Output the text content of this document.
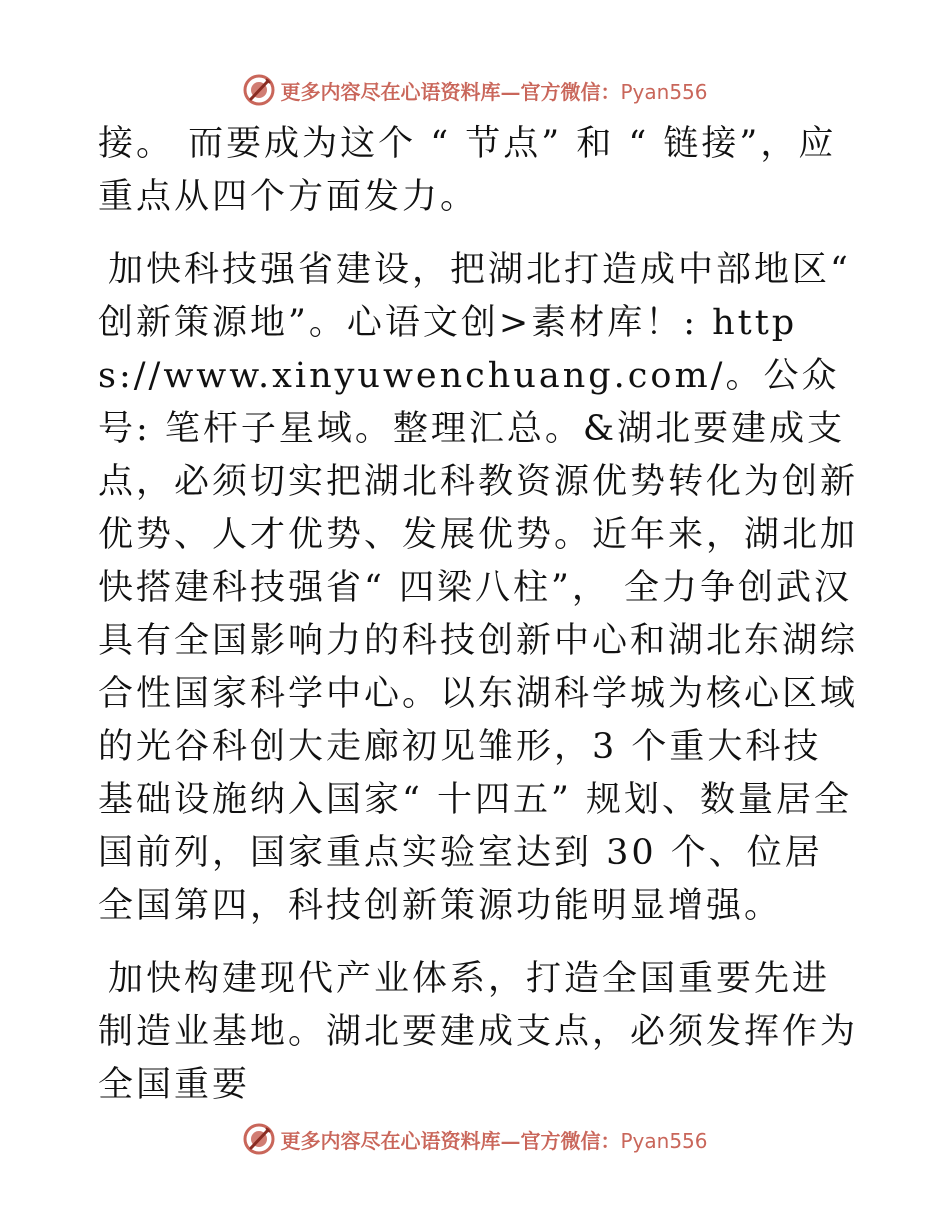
更多内容尽在心语资料库—官方微信：Pyan556

接。 而要成为这个 “ 节点” 和 “ 链接”，应重点从四个方面发力。

加快科技强省建设，把湖北打造成中部地区“ 创新策源地”。心语文创>素材库！: https://www.xinyuwenchuang.com/。公众号: 笔杆子星域。整理汇总。&湖北要建成支点，必须切实把湖北科教资源优势转化为创新优势、人才优势、发展优势。近年来，湖北加快搭建科技强省“ 四梁八柱”， 全力争创武汉具有全国影响力的科技创新中心和湖北东湖综合性国家科学中心。以东湖科学城为核心区域的光谷科创大走廊初见雏形，3 个重大科技基础设施纳入国家“ 十四五” 规划、数量居全国前列，国家重点实验室达到 30 个、位居全国第四，科技创新策源功能明显增强。

加快构建现代产业体系，打造全国重要先进制造业基地。湖北要建成支点，必须发挥作为全国重要

更多内容尽在心语资料库—官方微信：Pyan556
